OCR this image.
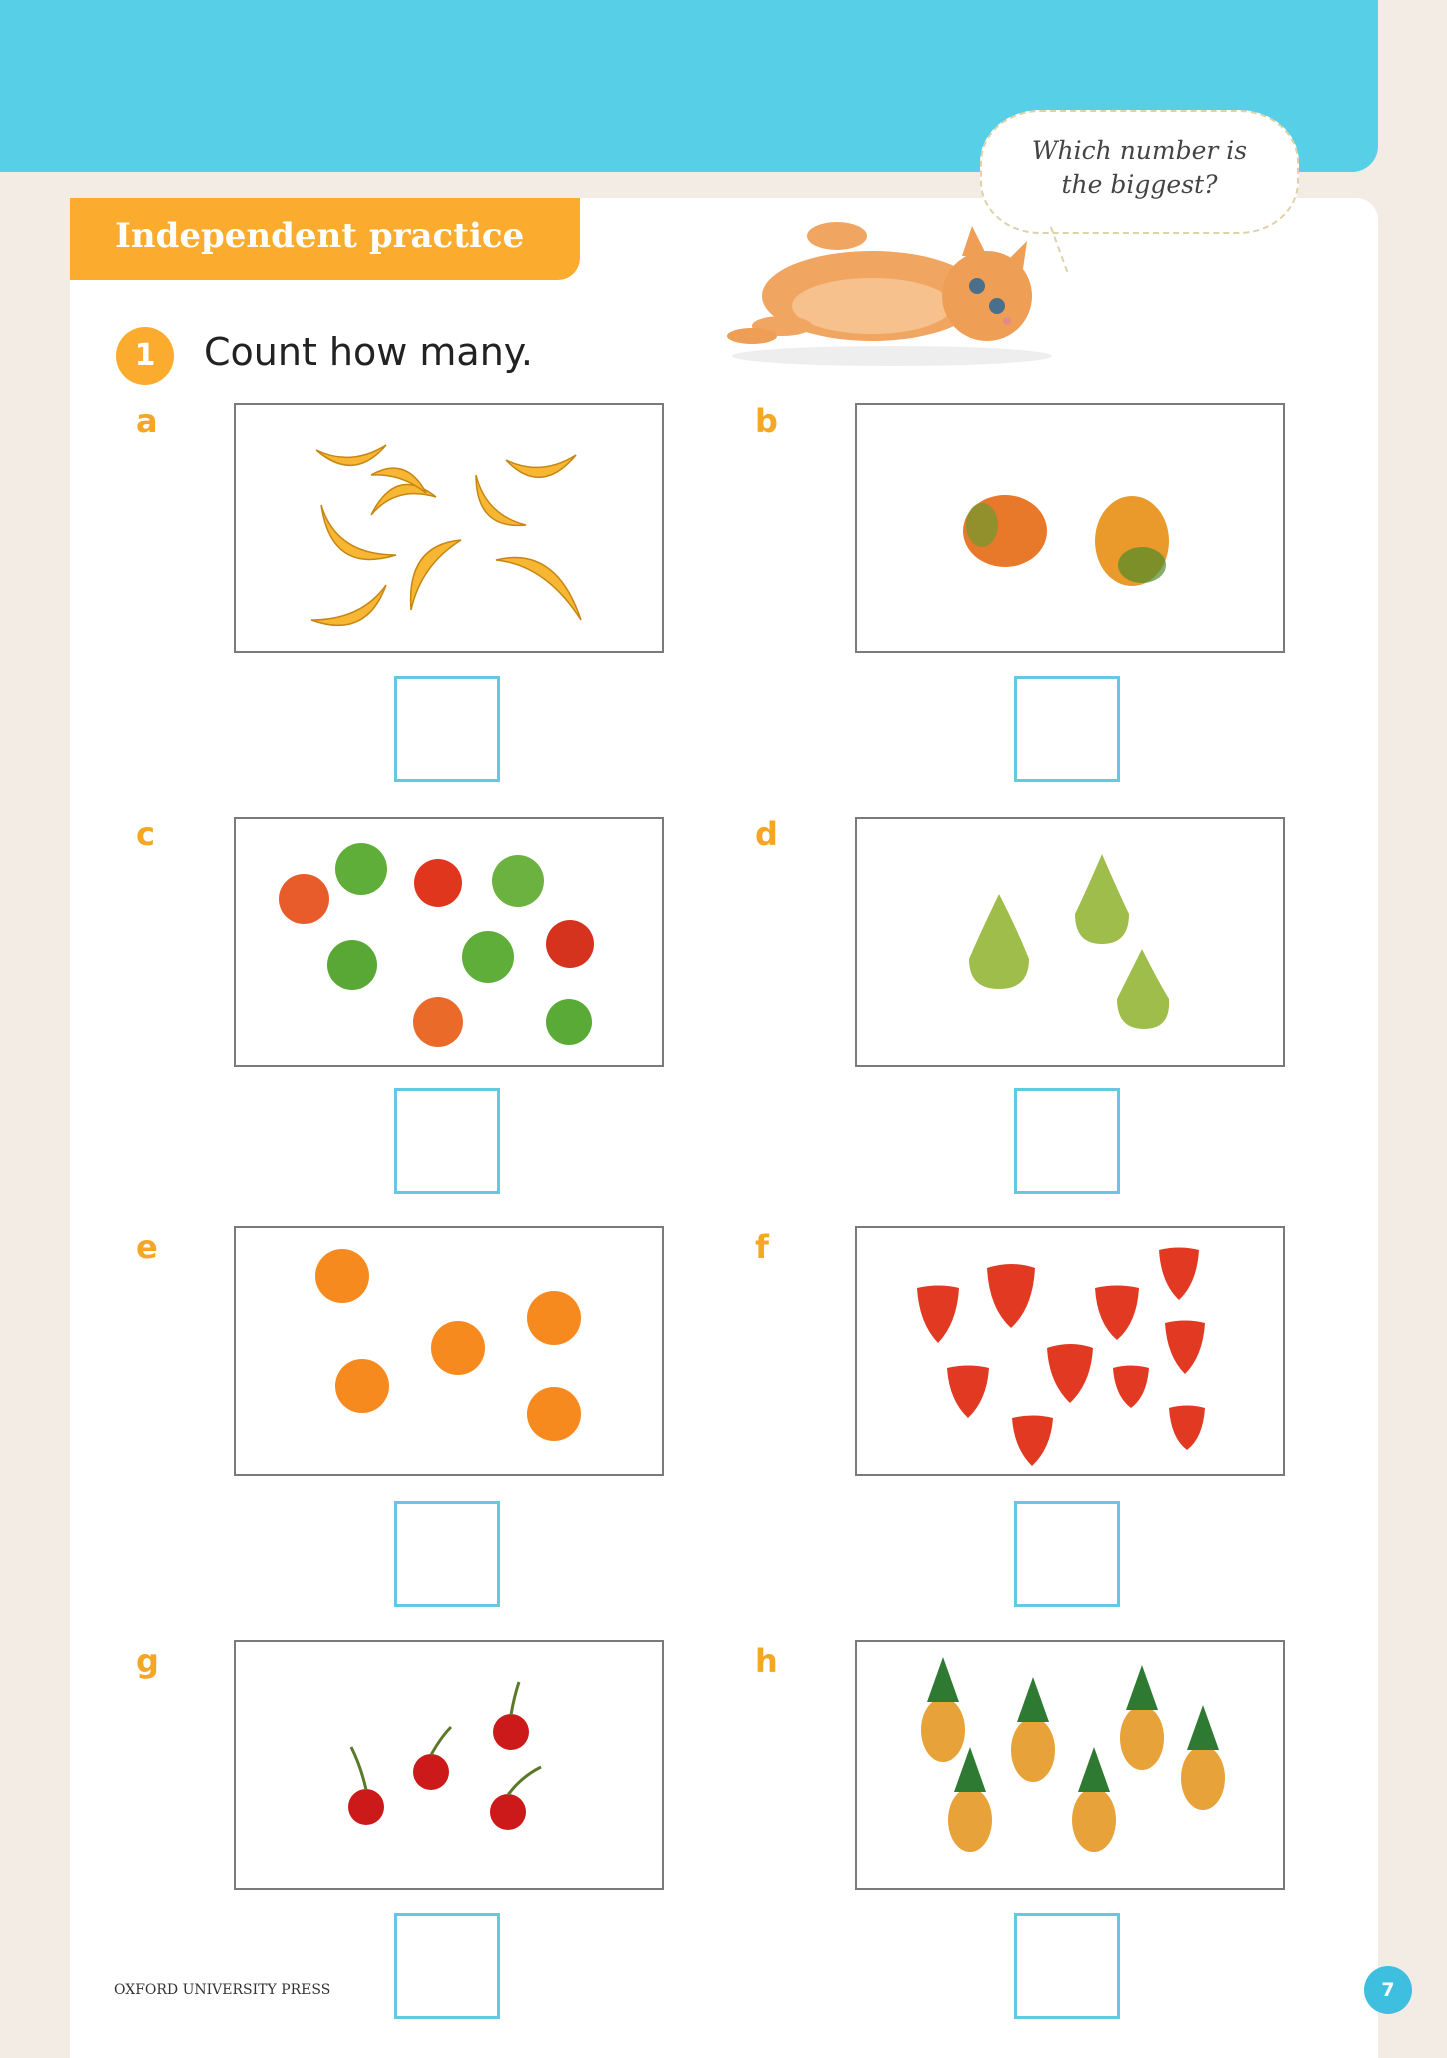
Independent practice
Which number is
the biggest?
1	Count how many.
a	b
c	d
e	f
g	h
OXFORD UNIVERSITY PRESS	7
